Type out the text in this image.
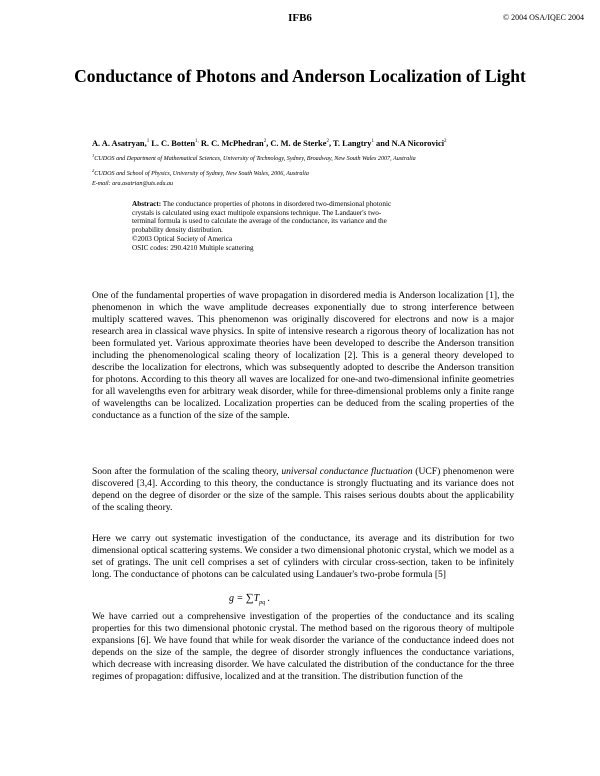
IFB6	© 2004 OSA/IQEC 2004
Conductance of Photons and Anderson Localization of Light
A. A. Asatryan,$^1$ L. C. Botten$^{1,}$ R. C. McPhedran$^2$, C. M. de Sterke$^2$, T. Langtry$^1$ and N.A Nicorovici$^2$
$^1$CUDOS and Department of Mathematical Sciences, University of Technology, Sydney, Broadway, New South Wales 2007, Australia
$^2$CUDOS and School of Physics, University of Sydney, New South Wales, 2006, Australia
E-mail: ara.asatrian@uts.edu.au
Abstract: The conductance properties of photons in disordered two-dimensional photonic
crystals is calculated using exact multipole expansions technique. The Landauer's two-
terminal formula is used to calculate the average of the conductance, its variance and the
probability density distribution.
©2003 Optical Society of America
OSIC codes: 290.4210 Multiple scattering
One of the fundamental properties of wave propagation in disordered media is Anderson localization [1], the phenomenon in which the wave amplitude decreases exponentially due to strong interference between multiply scattered waves. This phenomenon was originally discovered for electrons and now is a major research area in classical wave physics. In spite of intensive research a rigorous theory of localization has not been formulated yet. Various approximate theories have been developed to describe the Anderson transition including the phenomenological scaling theory of localization [2]. This is a general theory developed to describe the localization for electrons, which was subsequently adopted to describe the Anderson transition for photons. According to this theory all waves are localized for one-and two-dimensional infinite geometries for all wavelengths even for arbitrary weak disorder, while for three-dimensional problems only a finite range of wavelengths can be localized. Localization properties can be deduced from the scaling properties of the conductance as a function of the size of the sample.
Soon after the formulation of the scaling theory, universal conductance fluctuation (UCF) phenomenon were discovered [3,4]. According to this theory, the conductance is strongly fluctuating and its variance does not depend on the degree of disorder or the size of the sample. This raises serious doubts about the applicability of the scaling theory.
Here we carry out systematic investigation of the conductance, its average and its distribution for two dimensional optical scattering systems. We consider a two dimensional photonic crystal, which we model as a set of gratings. The unit cell comprises a set of cylinders with circular cross-section, taken to be infinitely long. The conductance of photons can be calculated using Landauer's two-probe formula [5]
$g = \sum T_{pq}$ .
We have carried out a comprehensive investigation of the properties of the conductance and its scaling properties for this two dimensional photonic crystal. The method based on the rigorous theory of multipole expansions [6]. We have found that while for weak disorder the variance of the conductance indeed does not depends on the size of the sample, the degree of disorder strongly influences the conductance variations, which decrease with increasing disorder. We have calculated the distribution of the conductance for the three regimes of propagation: diffusive, localized and at the transition. The distribution function of the
